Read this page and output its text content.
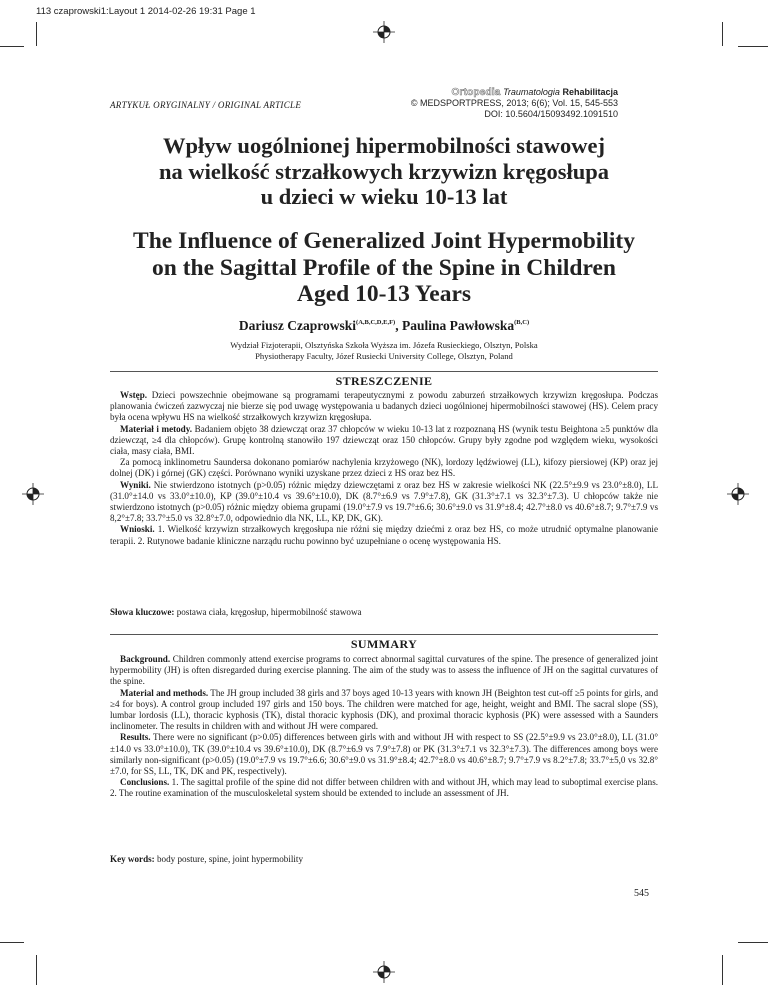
113 czaprowski1:Layout 1 2014-02-26 19:31 Page 1
Ortopedia Traumatologia Rehabilitacja
© MEDSPORTPRESS, 2013; 6(6); Vol. 15, 545-553
DOI: 10.5604/15093492.1091510
ARTYKUŁ ORYGINALNY / ORIGINAL ARTICLE
Wpływ uogólnionej hipermobilności stawowej
na wielkość strzałkowych krzywizn kręgosłupa
u dzieci w wieku 10-13 lat
The Influence of Generalized Joint Hypermobility
on the Sagittal Profile of the Spine in Children
Aged 10-13 Years
Dariusz Czaprowski$^{(A,B,C,D,E,F)}$, Paulina Pawłowska$^{(B,C)}$
Wydział Fizjoterapii, Olsztyńska Szkoła Wyższa im. Józefa Rusieckiego, Olsztyn, Polska
Physiotherapy Faculty, Józef Rusiecki University College, Olsztyn, Poland
STRESZCZENIE

Wstęp. Dzieci powszechnie obejmowane są programami terapeutycznymi z powodu zaburzeń strzałkowych krzywizn kręgosłupa. Podczas planowania ćwiczeń zazwyczaj nie bierze się pod uwagę występowania u badanych dzieci uogólnionej hipermobilności stawowej (HS). Celem pracy była ocena wpływu HS na wielkość strzałkowych krzywizn kręgosłupa.

Materiał i metody. Badaniem objęto 38 dziewcząt oraz 37 chłopców w wieku 10-13 lat z rozpoznaną HS (wynik testu Beightona ≥5 punktów dla dziewcząt, ≥4 dla chłopców). Grupę kontrolną stanowiło 197 dziewcząt oraz 150 chłopców. Grupy były zgodne pod względem wieku, wysokości ciała, masy ciała, BMI.

Za pomocą inklinometru Saundersa dokonano pomiarów nachylenia krzyżowego (NK), lordozy lędźwiowej (LL), kifozy piersiowej (KP) oraz jej dolnej (DK) i górnej (GK) części. Porównano wyniki uzyskane przez dzieci z HS oraz bez HS.

Wyniki. Nie stwierdzono istotnych (p>0.05) różnic między dziewczętami z oraz bez HS w zakresie wielkości NK (22.5°±9.9 vs 23.0°±8.0), LL (31.0°±14.0 vs 33.0°±10.0), KP (39.0°±10.4 vs 39.6°±10.0), DK (8.7°±6.9 vs 7.9°±7.8), GK (31.3°±7.1 vs 32.3°±7.3). U chłopców także nie stwierdzono istotnych (p>0.05) różnic między obiema grupami (19.0°±7.9 vs 19.7°±6.6; 30.6°±9.0 vs 31.9°±8.4; 42.7°±8.0 vs 40.6°±8.7; 9.7°±7.9 vs 8,2°±7.8; 33.7°±5.0 vs 32.8°±7.0, odpowiednio dla NK, LL, KP, DK, GK).

Wnioski. 1. Wielkość krzywizn strzałkowych kręgosłupa nie różni się między dziećmi z oraz bez HS, co może utrudnić optymalne planowanie terapii. 2. Rutynowe badanie kliniczne narządu ruchu powinno być uzupełniane o ocenę występowania HS.

Słowa kluczowe: postawa ciała, kręgosłup, hipermobilność stawowa
SUMMARY

Background. Children commonly attend exercise programs to correct abnormal sagittal curvatures of the spine. The presence of generalized joint hypermobility (JH) is often disregarded during exercise planning. The aim of the study was to assess the influence of JH on the sagittal curvatures of the spine.

Material and methods. The JH group included 38 girls and 37 boys aged 10-13 years with known JH (Beighton test cut-off ≥5 points for girls, and ≥4 for boys). A control group included 197 girls and 150 boys. The children were matched for age, height, weight and BMI. The sacral slope (SS), lumbar lordosis (LL), thoracic kyphosis (TK), distal thoracic kyphosis (DK), and proximal thoracic kyphosis (PK) were assessed with a Saunders inclinometer. The results in children with and without JH were compared.

Results. There were no significant (p>0.05) differences between girls with and without JH with respect to SS (22.5°±9.9 vs 23.0°±8.0), LL (31.0°±14.0 vs 33.0°±10.0), TK (39.0°±10.4 vs 39.6°±10.0), DK (8.7°±6.9 vs 7.9°±7.8) or PK (31.3°±7.1 vs 32.3°±7.3). The differences among boys were similarly non-significant (p>0.05) (19.0°±7.9 vs 19.7°±6.6; 30.6°±9.0 vs 31.9°±8.4; 42.7°±8.0 vs 40.6°±8.7; 9.7°±7.9 vs 8.2°±7.8; 33.7°±5,0 vs 32.8°±7.0, for SS, LL, TK, DK and PK, respectively).

Conclusions. 1. The sagittal profile of the spine did not differ between children with and without JH, which may lead to suboptimal exercise plans. 2. The routine examination of the musculoskeletal system should be extended to include an assessment of JH.

Key words: body posture, spine, joint hypermobility
545
